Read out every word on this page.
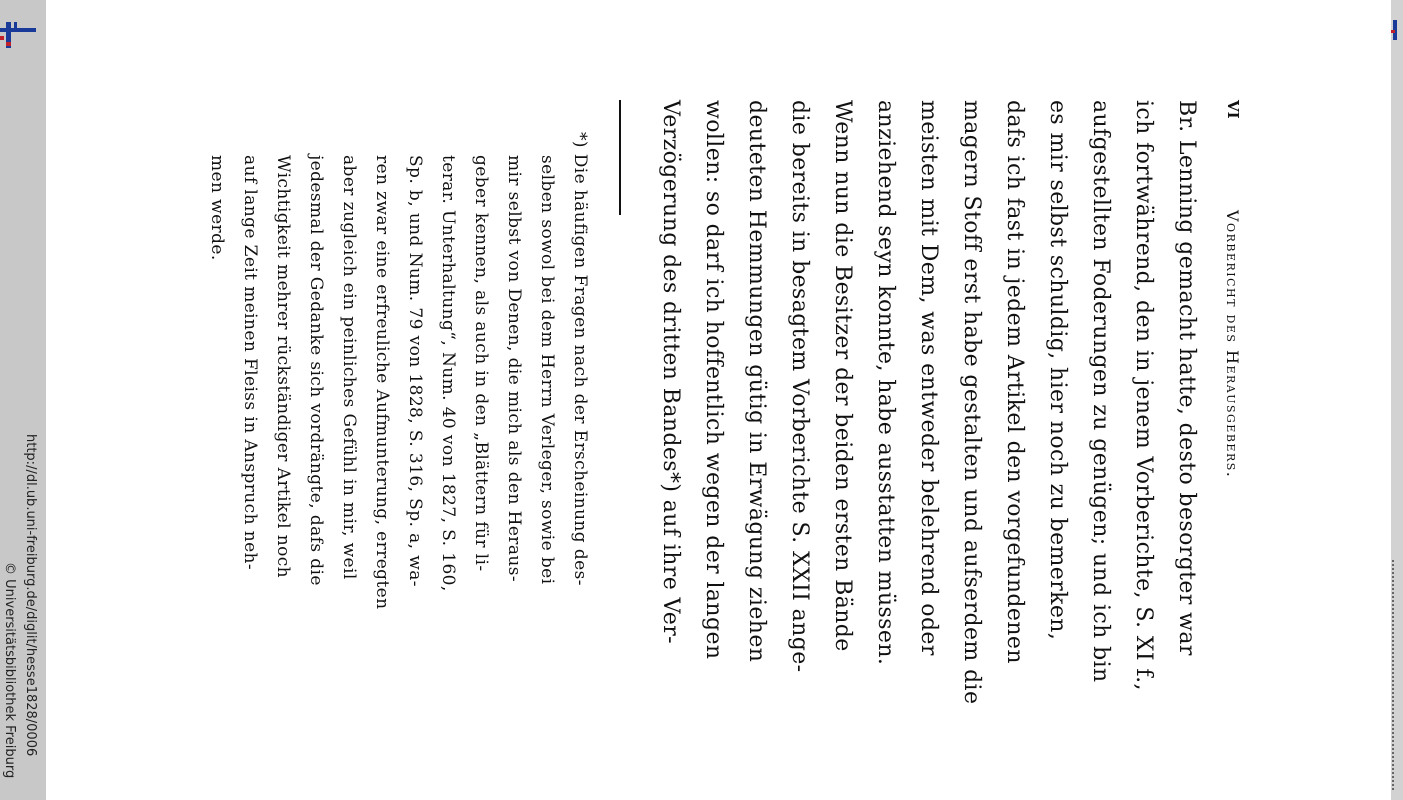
http://dl.ub.uni-freiburg.de/diglit/hesse1828/0006
© Universitätsbibliothek Freiburg
VI
Vorbericht des Herausgebers.
Br. Lenning gemacht hatte, desto besorgter war
ich fortwährend, den in jenem Vorberichte, S. XI f.,
aufgestellten Foderungen zu genügen; und ich bin
es mir selbst schuldig, hier noch zu bemerken,
dafs ich fast in jedem Artikel den vorgefundenen
magern Stoff erst habe gestalten und aufserdem die
meisten mit Dem, was entweder belehrend oder
anziehend seyn konnte, habe ausstatten müssen.
Wenn nun die Besitzer der beiden ersten Bände
die bereits in besagtem Vorberichte S. XXII ange-
deuteten Hemmungen gütig in Erwägung ziehen
wollen: so darf ich hoffentlich wegen der langen
Verzögerung des dritten Bandes*) auf ihre Ver-
*) Die häufigen Fragen nach der Erscheinung des-
selben sowol bei dem Herrn Verleger, sowie bei
mir selbst von Denen, die mich als den Heraus-
geber kennen, als auch in den „Blättern für li-
terar. Unterhaltung“, Num. 40 von 1827, S. 160,
Sp. b, und Num. 79 von 1828, S. 316, Sp. a, wa-
ren zwar eine erfreuliche Aufmunterung, erregten
aber zugleich ein peinliches Gefühl in mir, weil
jedesmal der Gedanke sich vordrängte, dafs die
Wichtigkeit mehrer rückständiger Artikel noch
auf lange Zeit meinen Fleiss in Anspruch neh-
men werde.
